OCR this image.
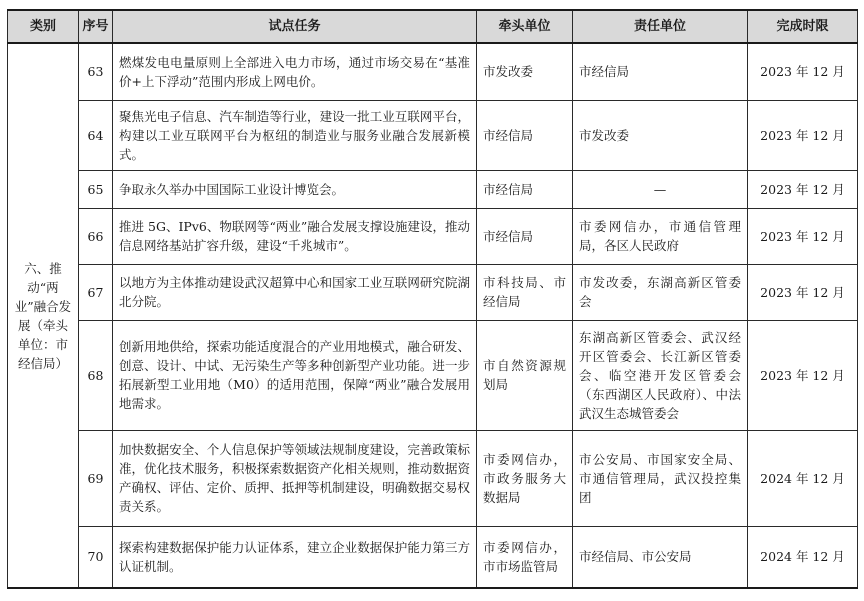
类别	序号	试点任务	牵头单位	责任单位	完成时限
六、推动“两业”融合发展（牵头单位：市经信局）	63	燃煤发电电量原则上全部进入电力市场，通过市场交易在“基准价+上下浮动”范围内形成上网电价。	市发改委	市经信局	2023 年 12 月
	64	聚焦光电子信息、汽车制造等行业，建设一批工业互联网平台，构建以工业互联网平台为枢纽的制造业与服务业融合发展新模式。	市经信局	市发改委	2023 年 12 月
	65	争取永久举办中国国际工业设计博览会。	市经信局	—	2023 年 12 月
	66	推进 5G、IPv6、物联网等“两业”融合发展支撑设施建设，推动信息网络基站扩容升级，建设“千兆城市”。	市经信局	市委网信办，市通信管理局，各区人民政府	2023 年 12 月
	67	以地方为主体推动建设武汉超算中心和国家工业互联网研究院湖北分院。	市科技局、市经信局	市发改委，东湖高新区管委会	2023 年 12 月
	68	创新用地供给，探索功能适度混合的产业用地模式，融合研发、创意、设计、中试、无污染生产等多种创新型产业功能。进一步拓展新型工业用地（M0）的适用范围，保障“两业”融合发展用地需求。	市自然资源规划局	东湖高新区管委会、武汉经开区管委会、长江新区管委会、临空港开发区管委会（东西湖区人民政府）、中法武汉生态城管委会	2023 年 12 月
	69	加快数据安全、个人信息保护等领域法规制度建设，完善政策标准，优化技术服务，积极探索数据资产化相关规则，推动数据资产确权、评估、定价、质押、抵押等机制建设，明确数据交易权责关系。	市委网信办，市政务服务大数据局	市公安局、市国家安全局、市通信管理局，武汉投控集团	2024 年 12 月
	70	探索构建数据保护能力认证体系，建立企业数据保护能力第三方认证机制。	市委网信办，市市场监管局	市经信局、市公安局	2024 年 12 月
